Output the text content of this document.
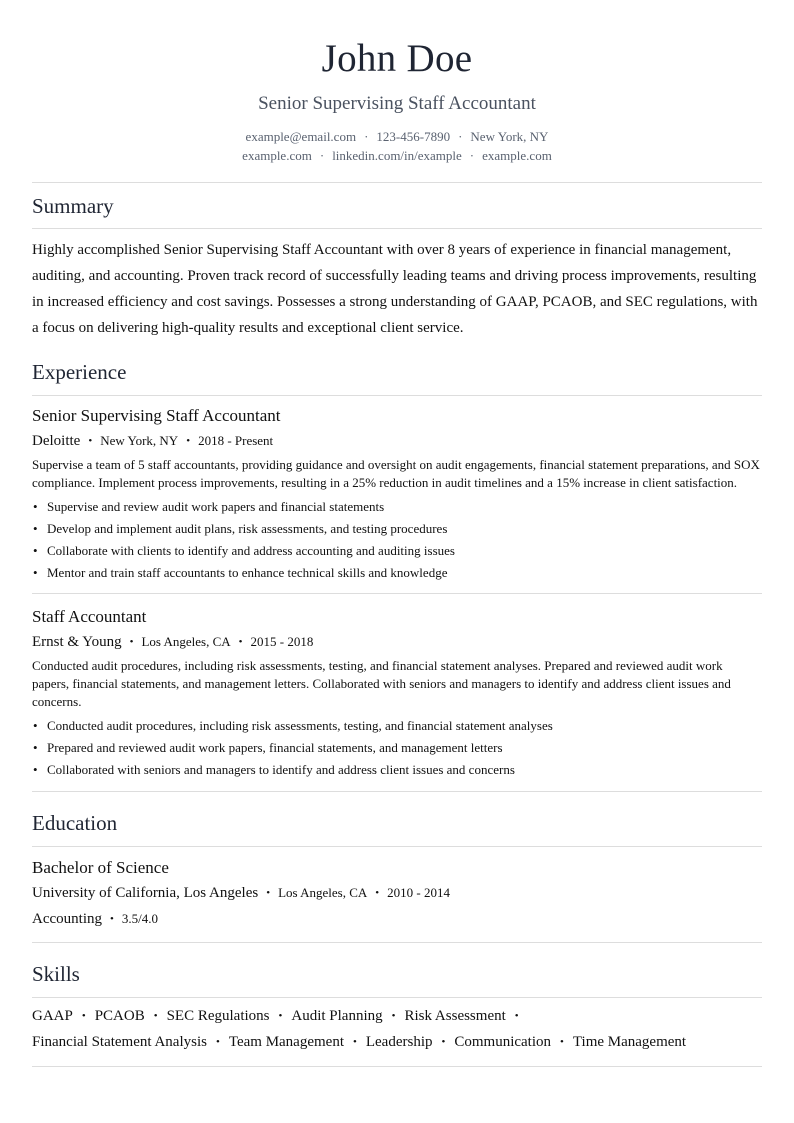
John Doe
Senior Supervising Staff Accountant
example@email.com · 123-456-7890 · New York, NY
example.com · linkedin.com/in/example · example.com
Summary

Highly accomplished Senior Supervising Staff Accountant with over 8 years of experience in financial management, auditing, and accounting. Proven track record of successfully leading teams and driving process improvements, resulting in increased efficiency and cost savings. Possesses a strong understanding of GAAP, PCAOB, and SEC regulations, with a focus on delivering high-quality results and exceptional client service.

Experience
Senior Supervising Staff Accountant
Deloitte • New York, NY • 2018 - Present
Supervise a team of 5 staff accountants, providing guidance and oversight on audit engagements, financial statement preparations, and SOX compliance. Implement process improvements, resulting in a 25% reduction in audit timelines and a 15% increase in client satisfaction.
• Supervise and review audit work papers and financial statements
• Develop and implement audit plans, risk assessments, and testing procedures
• Collaborate with clients to identify and address accounting and auditing issues
• Mentor and train staff accountants to enhance technical skills and knowledge
Staff Accountant
Ernst & Young • Los Angeles, CA • 2015 - 2018
Conducted audit procedures, including risk assessments, testing, and financial statement analyses. Prepared and reviewed audit work papers, financial statements, and management letters. Collaborated with seniors and managers to identify and address client issues and concerns.
• Conducted audit procedures, including risk assessments, testing, and financial statement analyses
• Prepared and reviewed audit work papers, financial statements, and management letters
• Collaborated with seniors and managers to identify and address client issues and concerns
Education
Bachelor of Science
University of California, Los Angeles • Los Angeles, CA • 2010 - 2014
Accounting • 3.5/4.0
Skills
GAAP • PCAOB • SEC Regulations • Audit Planning • Risk Assessment •
Financial Statement Analysis • Team Management • Leadership • Communication • Time Management
